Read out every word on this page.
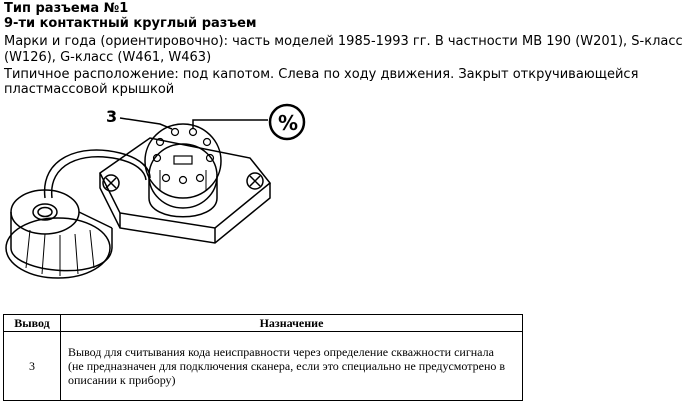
Тип разъема №1
9-ти контактный круглый разъем
Марки и года (ориентировочно): часть моделей 1985-1993 гг. В частности MB 190 (W201), S-класс
(W126), G-класс (W461, W463)
Типичное расположение: под капотом. Слева по ходу движения. Закрыт откручивающейся
пластмассовой крышкой
3	%
Вывод	Назначение
3	Вывод для считывания кода неисправности через определение скважности сигнала
(не предназначен для подключения сканера, если это специально не предусмотрено в описании к прибору)
